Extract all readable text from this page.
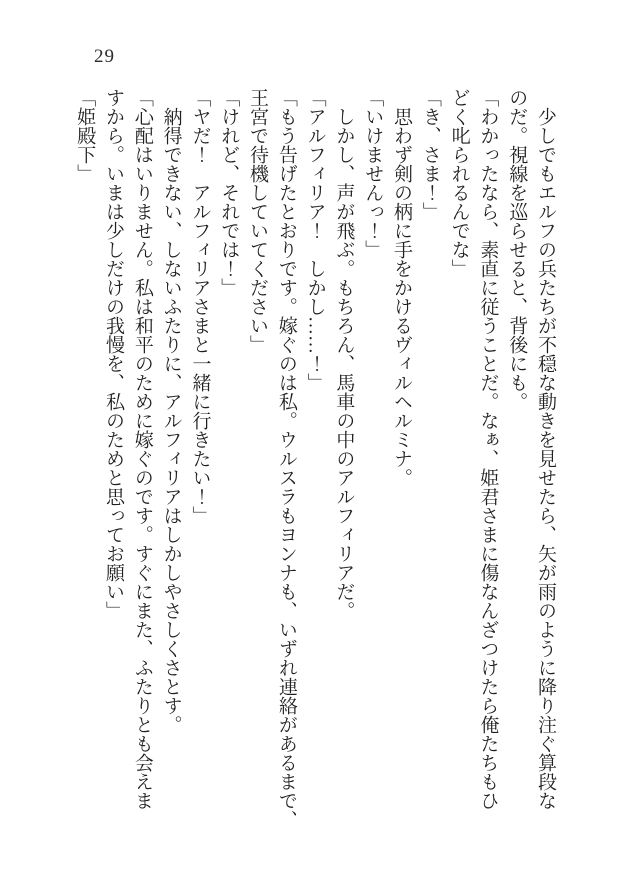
29

少しでもエルフの兵たちが不穏な動きを見せたら、矢が雨のように降り注ぐ算段な

のだ。視線を巡らせると、背後にも。

「わかったなら、素直に従うことだ。なぁ、姫君さまに傷なんざつけたら俺たちもひ

どく叱られるんでな」

「き、さま！」

思わず剣の柄に手をかけるヴィルヘルミナ。

「いけませんっ！」

しかし、声が飛ぶ。もちろん、馬車の中のアルフィリアだ。

「アルフィリア！　しかし……！」

「もう告げたとおりです。嫁ぐのは私。ウルスラもヨンナも、いずれ連絡があるまで、

王宮で待機していてください」

「けれど、それでは！」

「ヤだ！　アルフィリアさまと一緒に行きたい！」

納得できない、しないふたりに、アルフィリアはしかしやさしくさとす。

「心配はいりません。私は和平のために嫁ぐのです。すぐにまた、ふたりとも会えま

すから。いまは少しだけの我慢を、私のためと思ってお願い」

「姫殿下」
